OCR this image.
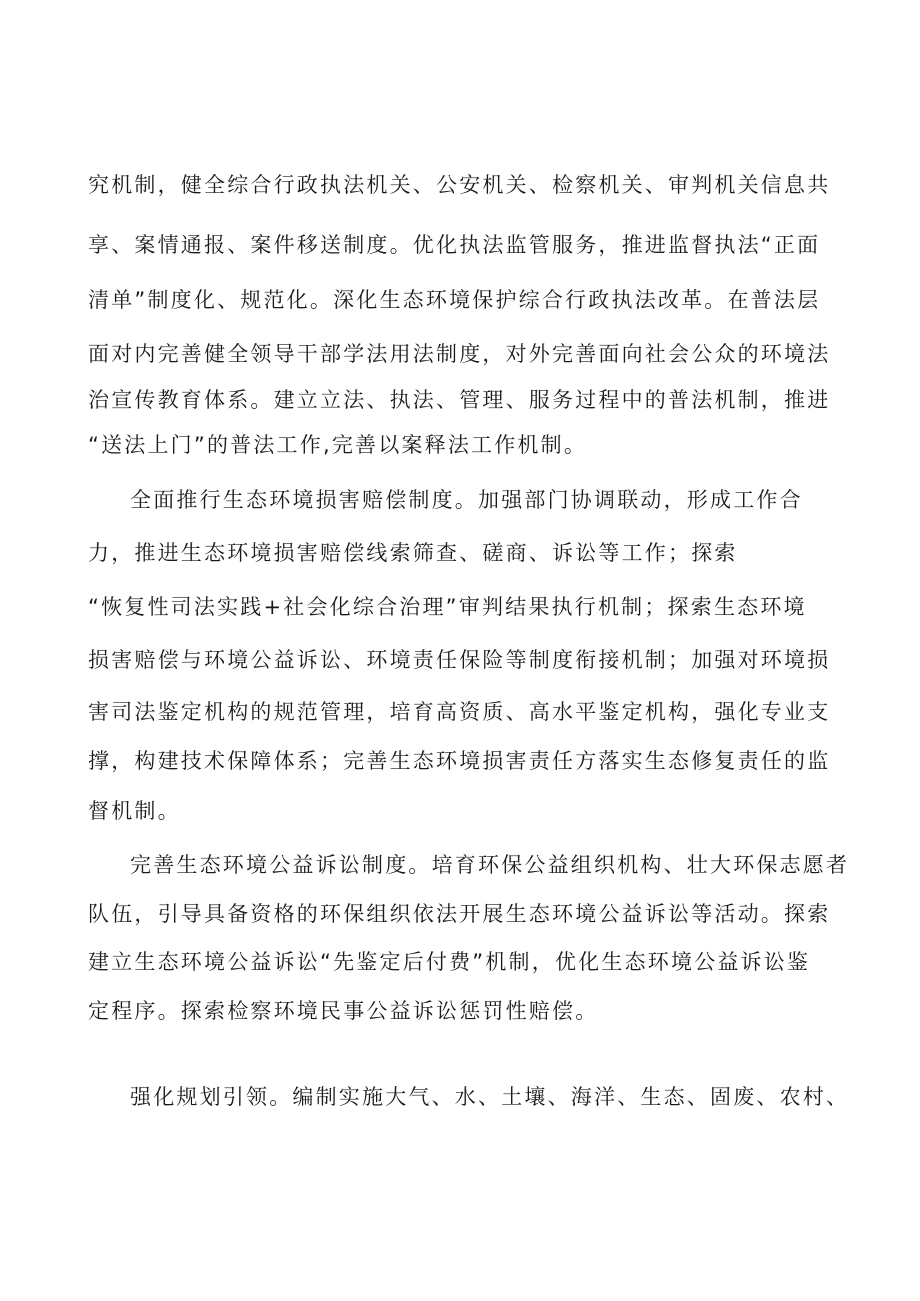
究机制，健全综合行政执法机关、公安机关、检察机关、审判机关信息共
享、案情通报、案件移送制度。优化执法监管服务，推进监督执法“正面
清单”制度化、规范化。深化生态环境保护综合行政执法改革。在普法层
面对内完善健全领导干部学法用法制度，对外完善面向社会公众的环境法
治宣传教育体系。建立立法、执法、管理、服务过程中的普法机制，推进
“送法上门”的普法工作,完善以案释法工作机制。
全面推行生态环境损害赔偿制度。加强部门协调联动，形成工作合
力，推进生态环境损害赔偿线索筛查、磋商、诉讼等工作；探索
“恢复性司法实践+社会化综合治理”审判结果执行机制；探索生态环境
损害赔偿与环境公益诉讼、环境责任保险等制度衔接机制；加强对环境损
害司法鉴定机构的规范管理，培育高资质、高水平鉴定机构，强化专业支
撑，构建技术保障体系；完善生态环境损害责任方落实生态修复责任的监
督机制。
完善生态环境公益诉讼制度。培育环保公益组织机构、壮大环保志愿者
队伍，引导具备资格的环保组织依法开展生态环境公益诉讼等活动。探索
建立生态环境公益诉讼“先鉴定后付费”机制，优化生态环境公益诉讼鉴
定程序。探索检察环境民事公益诉讼惩罚性赔偿。
强化规划引领。编制实施大气、水、土壤、海洋、生态、固废、农村、
